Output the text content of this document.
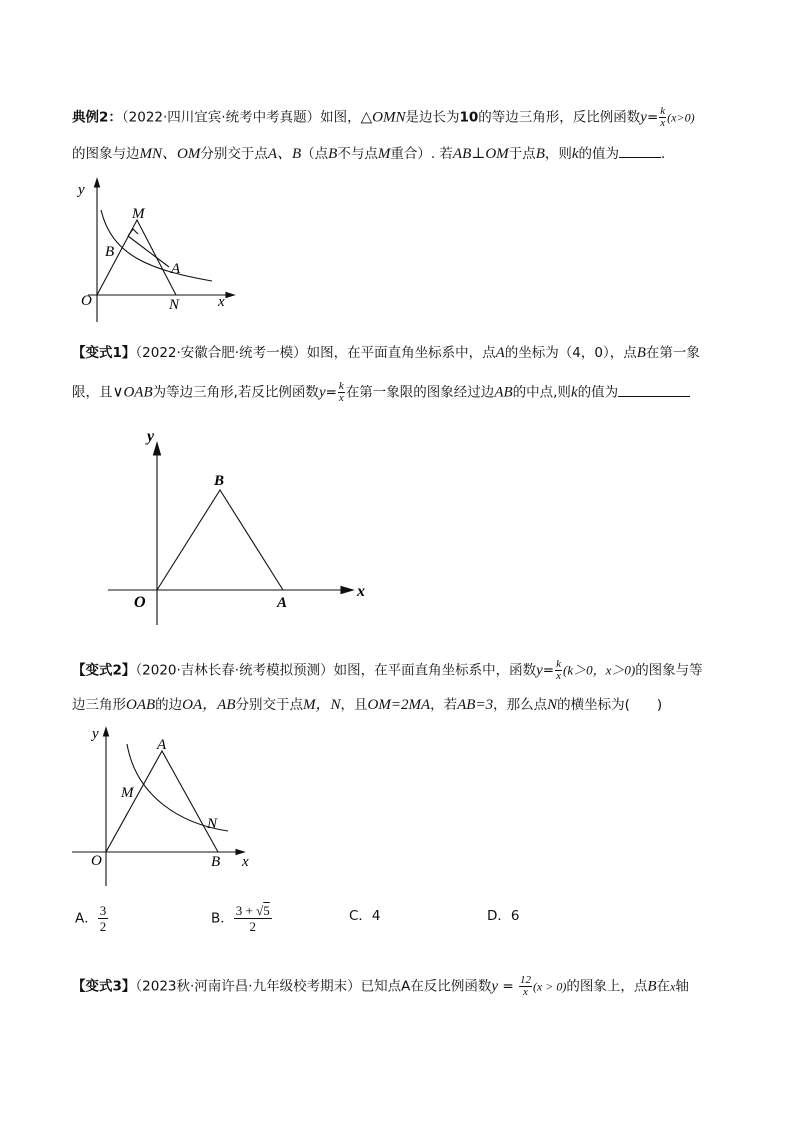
典例2：（2022·四川宜宾·统考中考真题）如图，△OMN是边长为10的等边三角形，反比例函数$y= \frac{k}{x} (x>0)$
的图象与边MN、OM分别交于点A、B（点B不与点M重合）. 若AB⊥OM于点B，则k的值为	．
y
x
O
M
B
A
N
【变式1】（2022·安徽合肥·统考一模）如图，在平面直角坐标系中，点A的坐标为（4，0），点B在第一象
限，且∨OAB为等边三角形,若反比例函数$y= \frac{k}{x}$ 在第一象限的图象经过边AB的中点,则k的值为
y
x
O
B
A
【变式2】（2020·吉林长春·统考模拟预测）如图，在平面直角坐标系中，函数$y= \frac{k}{x} (k>0$，x＞0)的图象与等
边三角形OAB的边OA，AB分别交于点M，N，且OM=2MA，若AB=3，那么点N的横坐标为(　　)
y
x
O
A
M
N
B
A． $\frac{3}{2}$	B． $\frac{3 + √5}{2}$	C．4	D．6
【变式3】（2023秋·河南许昌·九年级校考期末）已知点A在反比例函数$y = \frac{12}{x} (x > 0)$的图象上，点B在x轴
